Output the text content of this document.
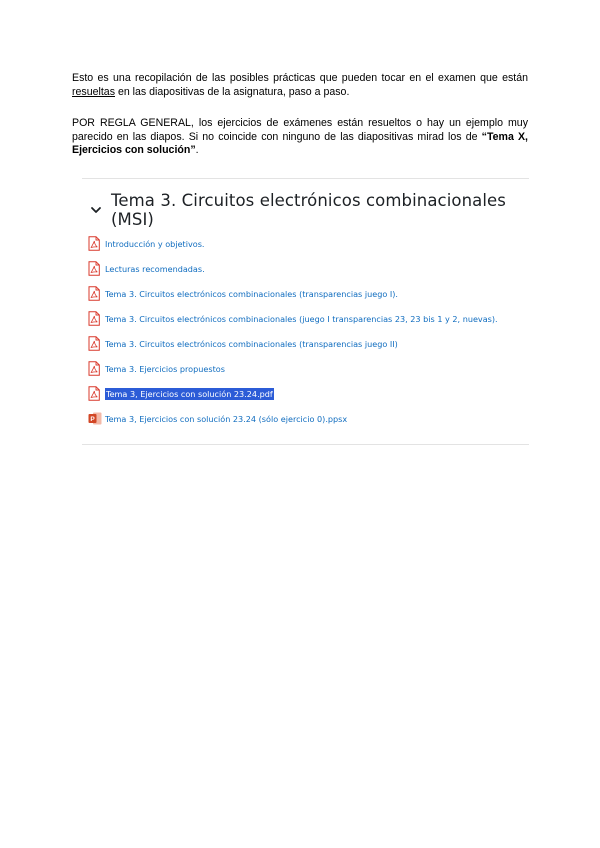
Esto es una recopilación de las posibles prácticas que pueden tocar en el examen que están resueltas en las diapositivas de la asignatura, paso a paso.

POR REGLA GENERAL, los ejercicios de exámenes están resueltos o hay un ejemplo muy parecido en las diapos. Si no coincide con ninguno de las diapositivas mirad los de “Tema X, Ejercicios con solución”.

Tema 3. Circuitos electrónicos combinacionales (MSI)
Introducción y objetivos.
Lecturas recomendadas.
Tema 3. Circuitos electrónicos combinacionales (transparencias juego I).
Tema 3. Circuitos electrónicos combinacionales (juego I transparencias 23, 23 bis 1 y 2, nuevas).
Tema 3. Circuitos electrónicos combinacionales (transparencias juego II)
Tema 3. Ejercicios propuestos
Tema 3, Ejercicios con solución 23.24.pdf
P Tema 3, Ejercicios con solución 23.24 (sólo ejercicio 0).ppsx
